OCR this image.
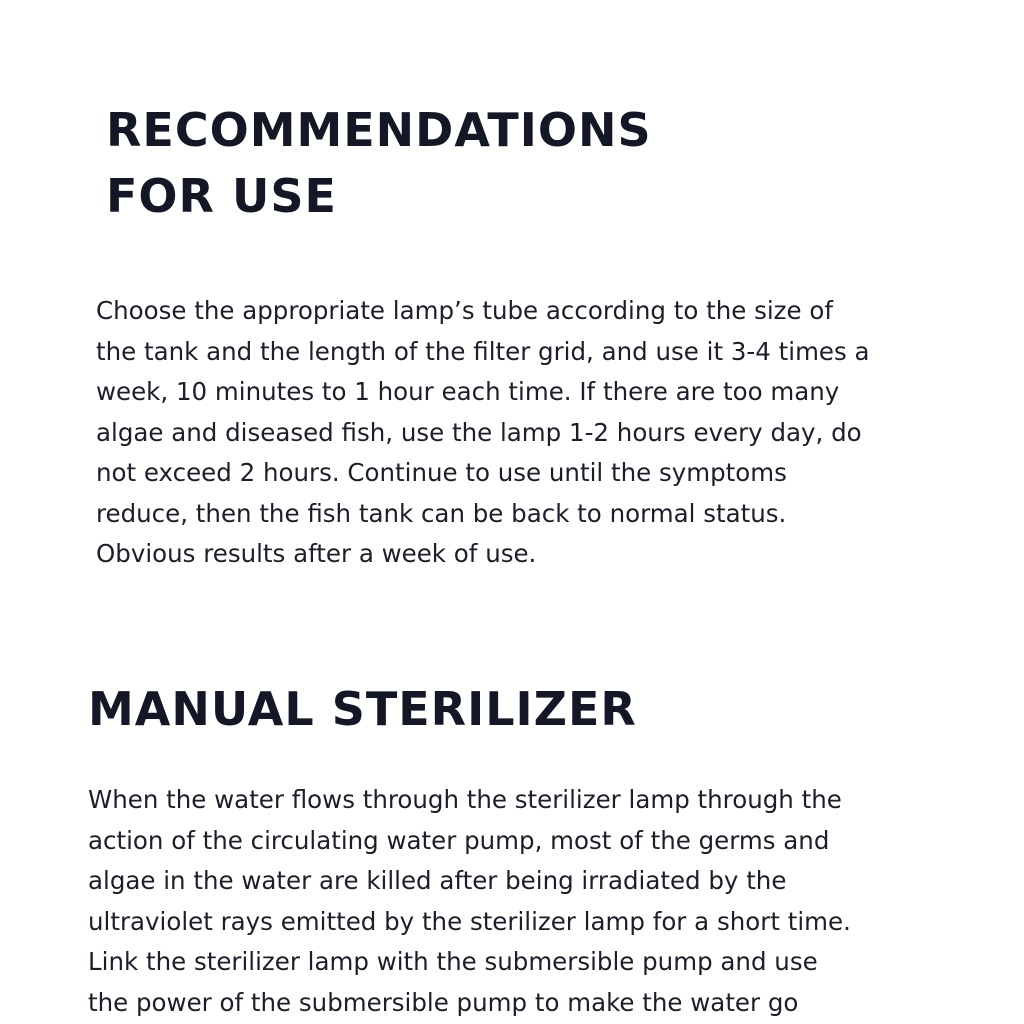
RECOMMENDATIONS
FOR USE

Choose the appropriate lamp’s tube according to the size of
the tank and the length of the filter grid, and use it 3-4 times a
week, 10 minutes to 1 hour each time. If there are too many
algae and diseased fish, use the lamp 1-2 hours every day, do
not exceed 2 hours. Continue to use until the symptoms
reduce, then the fish tank can be back to normal status.
Obvious results after a week of use.

MANUAL STERILIZER

When the water flows through the sterilizer lamp through the
action of the circulating water pump, most of the germs and
algae in the water are killed after being irradiated by the
ultraviolet rays emitted by the sterilizer lamp for a short time.
Link the sterilizer lamp with the submersible pump and use
the power of the submersible pump to make the water go
